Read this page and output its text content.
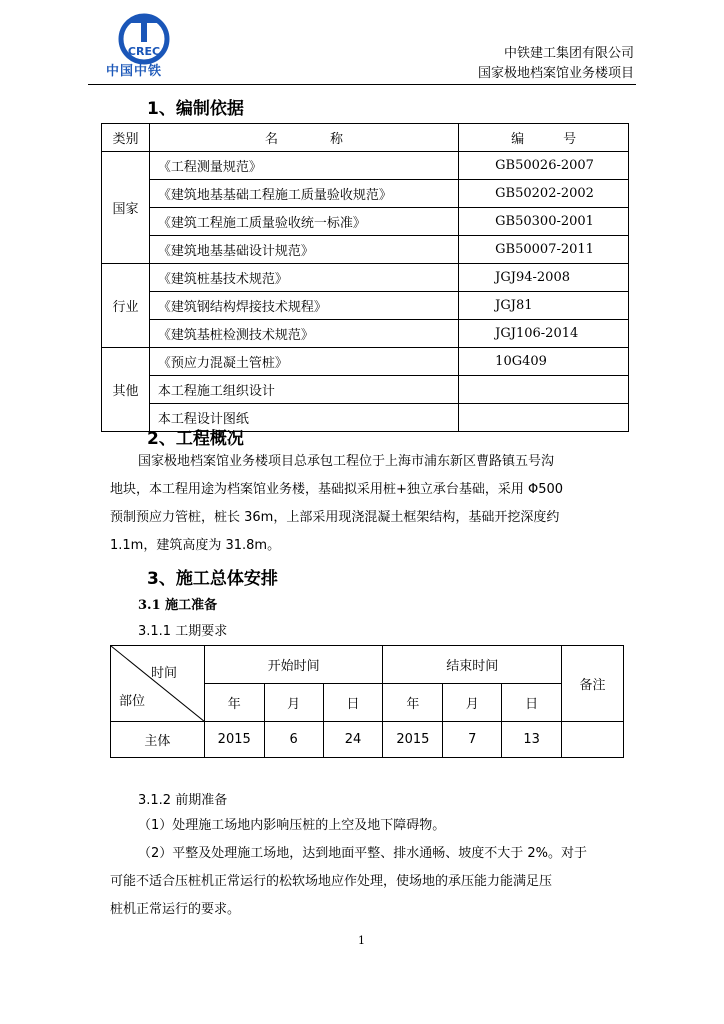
CREC
中国中铁
中铁建工集团有限公司
国家极地档案馆业务楼项目
1、编制依据
类别	名　　　　称	编　　　号
国家	《工程测量规范》	GB50026-2007
	《建筑地基基础工程施工质量验收规范》	GB50202-2002
	《建筑工程施工质量验收统一标准》	GB50300-2001
	《建筑地基基础设计规范》	GB50007-2011
行业	《建筑桩基技术规范》	JGJ94-2008
	《建筑钢结构焊接技术规程》	JGJ81
	《建筑基桩检测技术规范》	JGJ106-2014
其他	《预应力混凝土管桩》	10G409
	本工程施工组织设计	
	本工程设计图纸	
2、工程概况

国家极地档案馆业务楼项目总承包工程位于上海市浦东新区曹路镇五号沟

地块，本工程用途为档案馆业务楼，基础拟采用桩+独立承台基础，采用 Φ500

预制预应力管桩，桩长 36m，上部采用现浇混凝土框架结构，基础开挖深度约

1.1m，建筑高度为 31.8m。

3、施工总体安排
3.1 施工准备
3.1.1 工期要求
时间
部位	开始时间			结束时间			备注
	年	月	日	年	月	日	
主体	2015	6	24	2015	7	13	
3.1.2 前期准备

（1）处理施工场地内影响压桩的上空及地下障碍物。

（2）平整及处理施工场地，达到地面平整、排水通畅、坡度不大于 2%。对于

可能不适合压桩机正常运行的松软场地应作处理，使场地的承压能力能满足压

桩机正常运行的要求。

1
